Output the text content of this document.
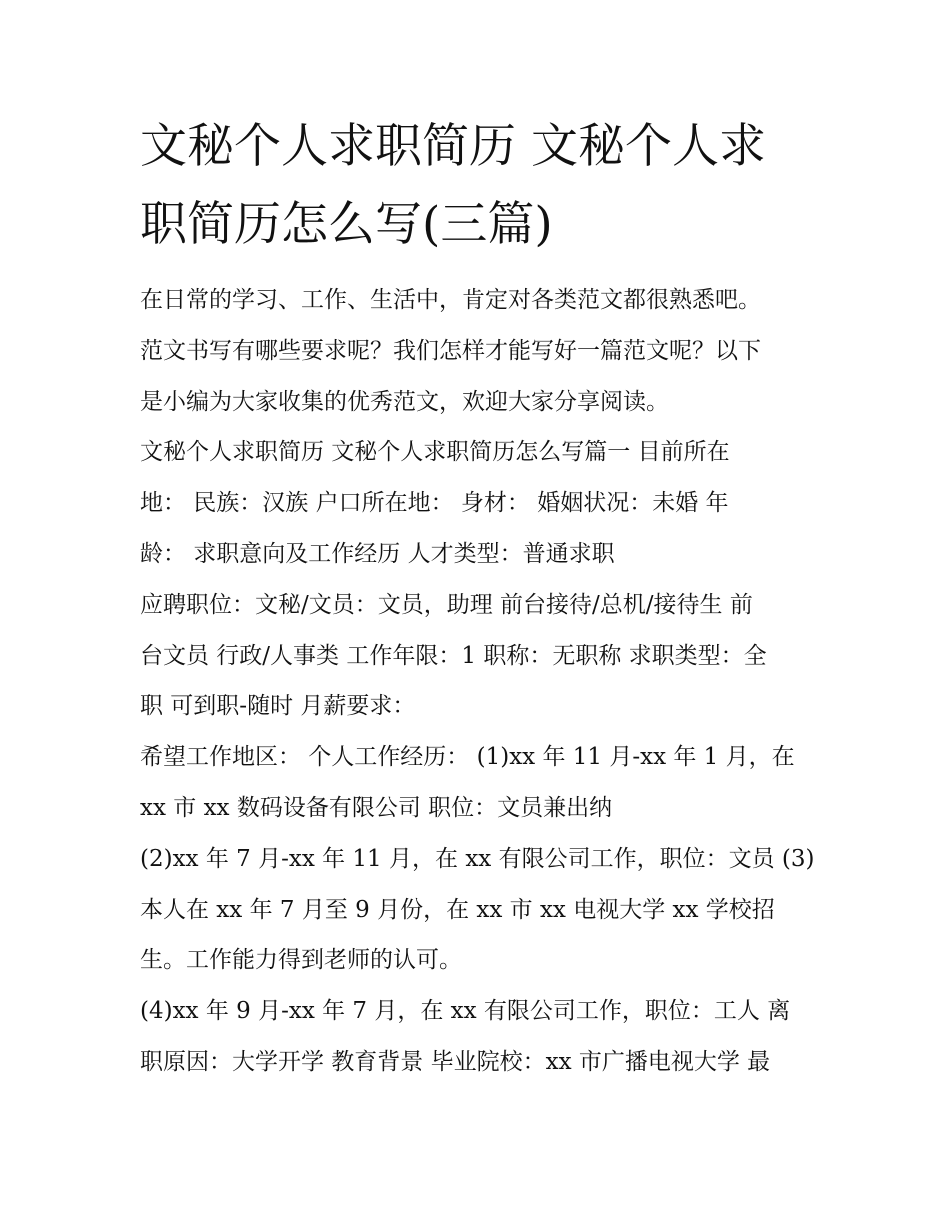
文秘个人求职简历 文秘个人求
职简历怎么写(三篇)
在日常的学习、工作、生活中，肯定对各类范文都很熟悉吧。
范文书写有哪些要求呢？我们怎样才能写好一篇范文呢？以下
是小编为大家收集的优秀范文，欢迎大家分享阅读。
文秘个人求职简历 文秘个人求职简历怎么写篇一 目前所在
地： 民族：汉族 户口所在地： 身材： 婚姻状况：未婚 年
龄： 求职意向及工作经历 人才类型：普通求职
应聘职位：文秘/文员：文员，助理 前台接待/总机/接待生 前
台文员 行政/人事类 工作年限：1 职称：无职称 求职类型：全
职 可到职-随时 月薪要求：
希望工作地区： 个人工作经历： (1)xx 年 11 月-xx 年 1 月，在
xx 市 xx 数码设备有限公司 职位：文员兼出纳
(2)xx 年 7 月-xx 年 11 月，在 xx 有限公司工作，职位：文员 (3)
本人在 xx 年 7 月至 9 月份，在 xx 市 xx 电视大学 xx 学校招
生。工作能力得到老师的认可。
(4)xx 年 9 月-xx 年 7 月，在 xx 有限公司工作，职位：工人 离
职原因：大学开学 教育背景 毕业院校：xx 市广播电视大学 最
